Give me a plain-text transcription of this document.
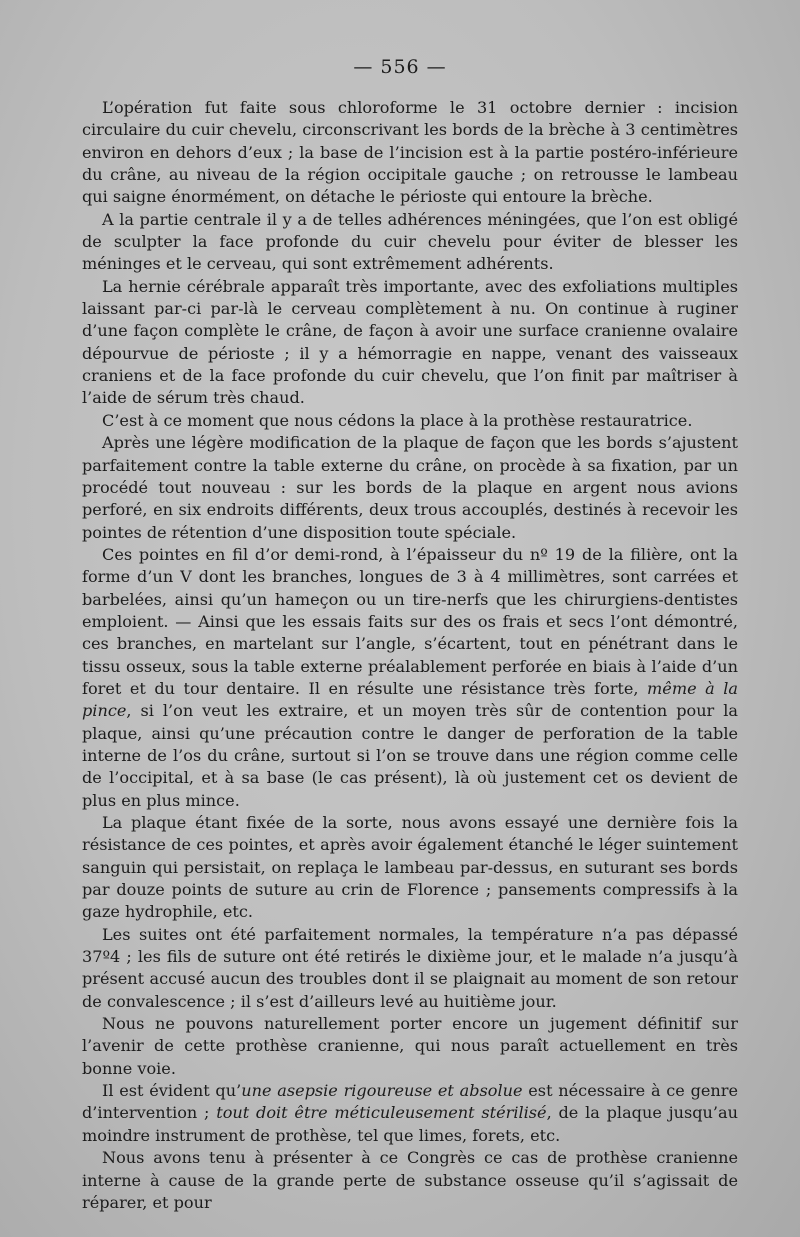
— 556 —

L’opération fut faite sous chloroforme le 31 octobre dernier : incision circulaire du cuir chevelu, circonscrivant les bords de la brèche à 3 centimètres environ en dehors d’eux ; la base de l’incision est à la partie postéro-inférieure du crâne, au niveau de la région occipitale gauche ; on retrousse le lambeau qui saigne énormément, on détache le périoste qui entoure la brèche.

A la partie centrale il y a de telles adhérences méningées, que l’on est obligé de sculpter la face profonde du cuir chevelu pour éviter de blesser les méninges et le cerveau, qui sont extrêmement adhérents.

La hernie cérébrale apparaît très importante, avec des exfoliations multiples laissant par-ci par-là le cerveau complètement à nu. On continue à ruginer d’une façon complète le crâne, de façon à avoir une surface cranienne ovalaire dépourvue de périoste ; il y a hémorragie en nappe, venant des vaisseaux craniens et de la face profonde du cuir chevelu, que l’on finit par maîtriser à l’aide de sérum très chaud.

C’est à ce moment que nous cédons la place à la prothèse restauratrice.

Après une légère modification de la plaque de façon que les bords s’ajustent parfaitement contre la table externe du crâne, on procède à sa fixation, par un procédé tout nouveau : sur les bords de la plaque en argent nous avions perforé, en six endroits différents, deux trous accouplés, destinés à recevoir les pointes de rétention d’une disposition toute spéciale.

Ces pointes en fil d’or demi-rond, à l’épaisseur du nº 19 de la filière, ont la forme d’un V dont les branches, longues de 3 à 4 millimètres, sont carrées et barbelées, ainsi qu’un hameçon ou un tire-nerfs que les chirurgiens-dentistes emploient. — Ainsi que les essais faits sur des os frais et secs l’ont démontré, ces branches, en martelant sur l’angle, s’écartent, tout en pénétrant dans le tissu osseux, sous la table externe préalablement perforée en biais à l’aide d’un foret et du tour dentaire. Il en résulte une résistance très forte, même à la pince, si l’on veut les extraire, et un moyen très sûr de contention pour la plaque, ainsi qu’une précaution contre le danger de perforation de la table interne de l’os du crâne, surtout si l’on se trouve dans une région comme celle de l’occipital, et à sa base (le cas présent), là où justement cet os devient de plus en plus mince.

La plaque étant fixée de la sorte, nous avons essayé une dernière fois la résistance de ces pointes, et après avoir également étanché le léger suintement sanguin qui persistait, on replaça le lambeau par-dessus, en suturant ses bords par douze points de suture au crin de Florence ; pansements compressifs à la gaze hydrophile, etc.

Les suites ont été parfaitement normales, la température n’a pas dépassé 37º4 ; les fils de suture ont été retirés le dixième jour, et le malade n’a jusqu’à présent accusé aucun des troubles dont il se plaignait au moment de son retour de convalescence ; il s’est d’ailleurs levé au huitième jour.

Nous ne pouvons naturellement porter encore un jugement définitif sur l’avenir de cette prothèse cranienne, qui nous paraît actuellement en très bonne voie.

Il est évident qu’une asepsie rigoureuse et absolue est nécessaire à ce genre d’intervention ; tout doit être méticuleusement stérilisé, de la plaque jusqu’au moindre instrument de prothèse, tel que limes, forets, etc.

Nous avons tenu à présenter à ce Congrès ce cas de prothèse cranienne interne à cause de la grande perte de substance osseuse qu’il s’agissait de réparer, et pour
